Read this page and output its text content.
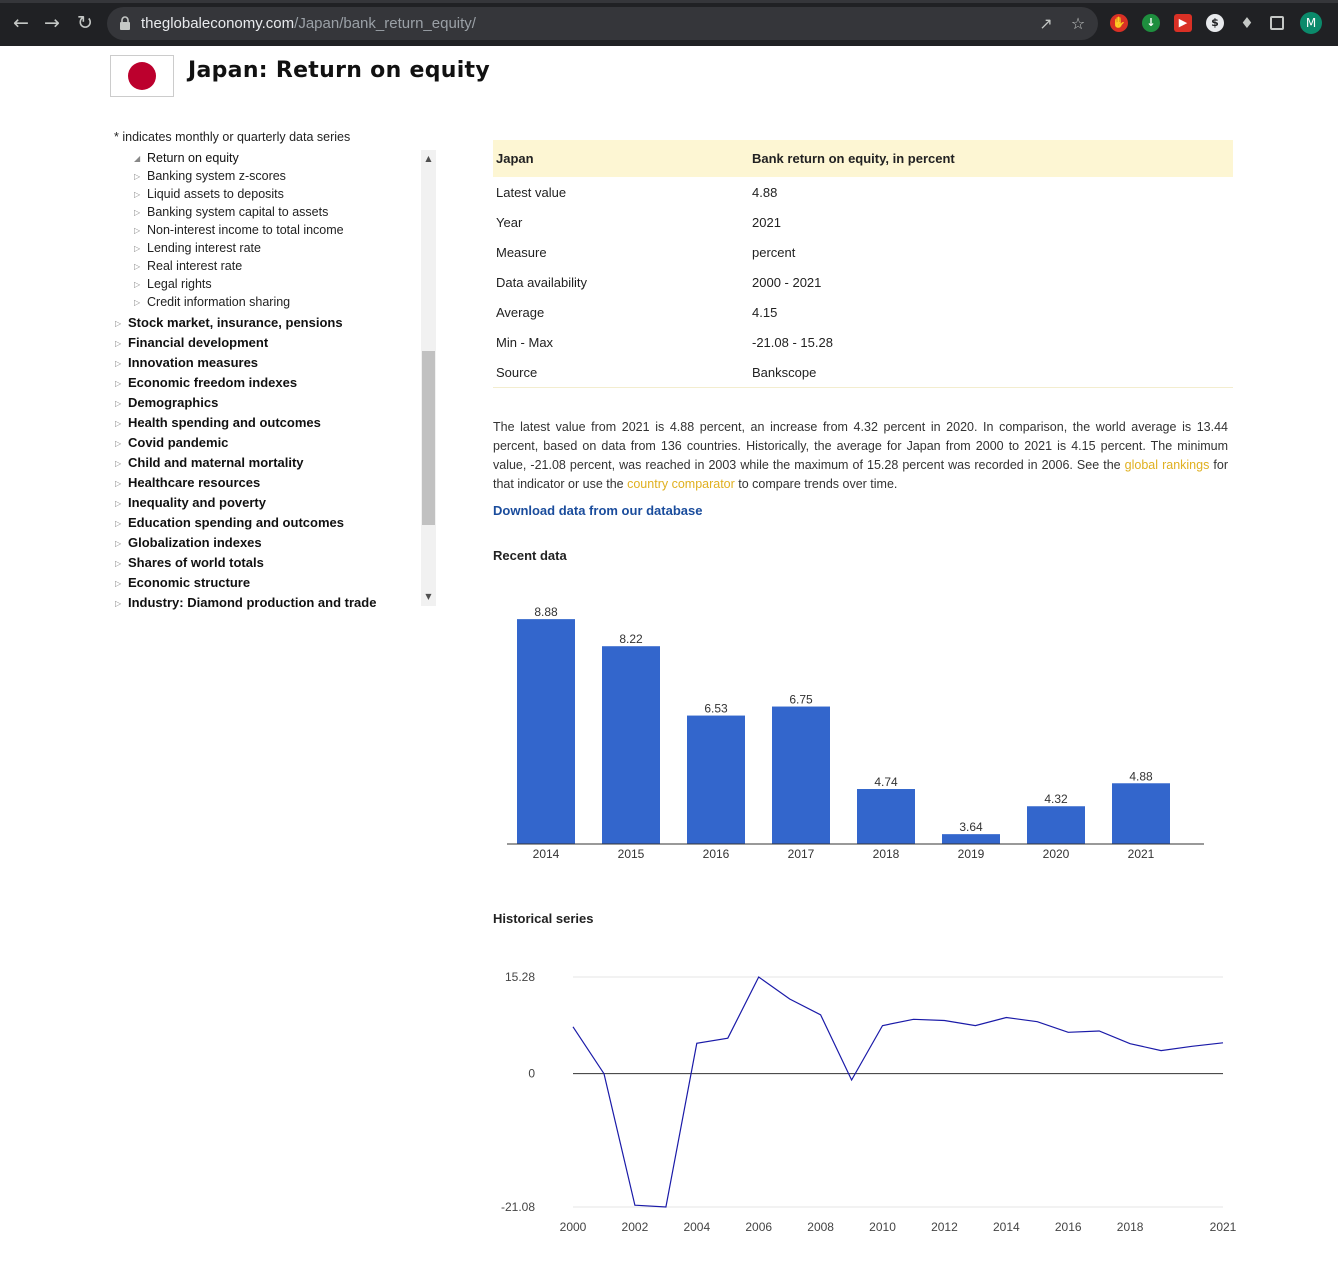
← → ↻	theglobaleconomy.com/Japan/bank_return_equity/	↗ ☆ ✋	↓	▶	$	♦	M
Japan: Return on equity
* indicates monthly or quarterly data series
◢ Return on equity
▷ Banking system z-scores
▷ Liquid assets to deposits
▷ Banking system capital to assets
▷ Non-interest income to total income
▷ Lending interest rate
▷ Real interest rate
▷ Legal rights
▷ Credit information sharing
▷ Stock market, insurance, pensions
▷ Financial development
▷ Innovation measures
▷ Economic freedom indexes
▷ Demographics
▷ Health spending and outcomes
▷ Covid pandemic
▷ Child and maternal mortality
▷ Healthcare resources
▷ Inequality and poverty
▷ Education spending and outcomes
▷ Globalization indexes
▷ Shares of world totals
▷ Economic structure
▷ Industry: Diamond production and trade
▲
▼
Japan	Bank return on equity, in percent
Latest value	4.88
Year	2021
Measure	percent
Data availability	2000 - 2021
Average	4.15
Min - Max	-21.08 - 15.28
Source	Bankscope
The latest value from 2021 is 4.88 percent, an increase from 4.32 percent in 2020. In comparison, the world average is 13.44 percent, based on data from 136 countries. Historically, the average for Japan from 2000 to 2021 is 4.15 percent. The minimum value, -21.08 percent, was reached in 2003 while the maximum of 15.28 percent was recorded in 2006. See the global rankings for that indicator or use the country comparator to compare trends over time.
Download data from our database
Recent data
8.88
2014
8.22
2015
6.53
2016
6.75
2017
4.74
2018
3.64
2019
4.32
2020
4.88
2021
Historical series
15.28
0
-21.08
2000	2002	2004	2006	2008	2010	2012	2014	2016	2018	2021
